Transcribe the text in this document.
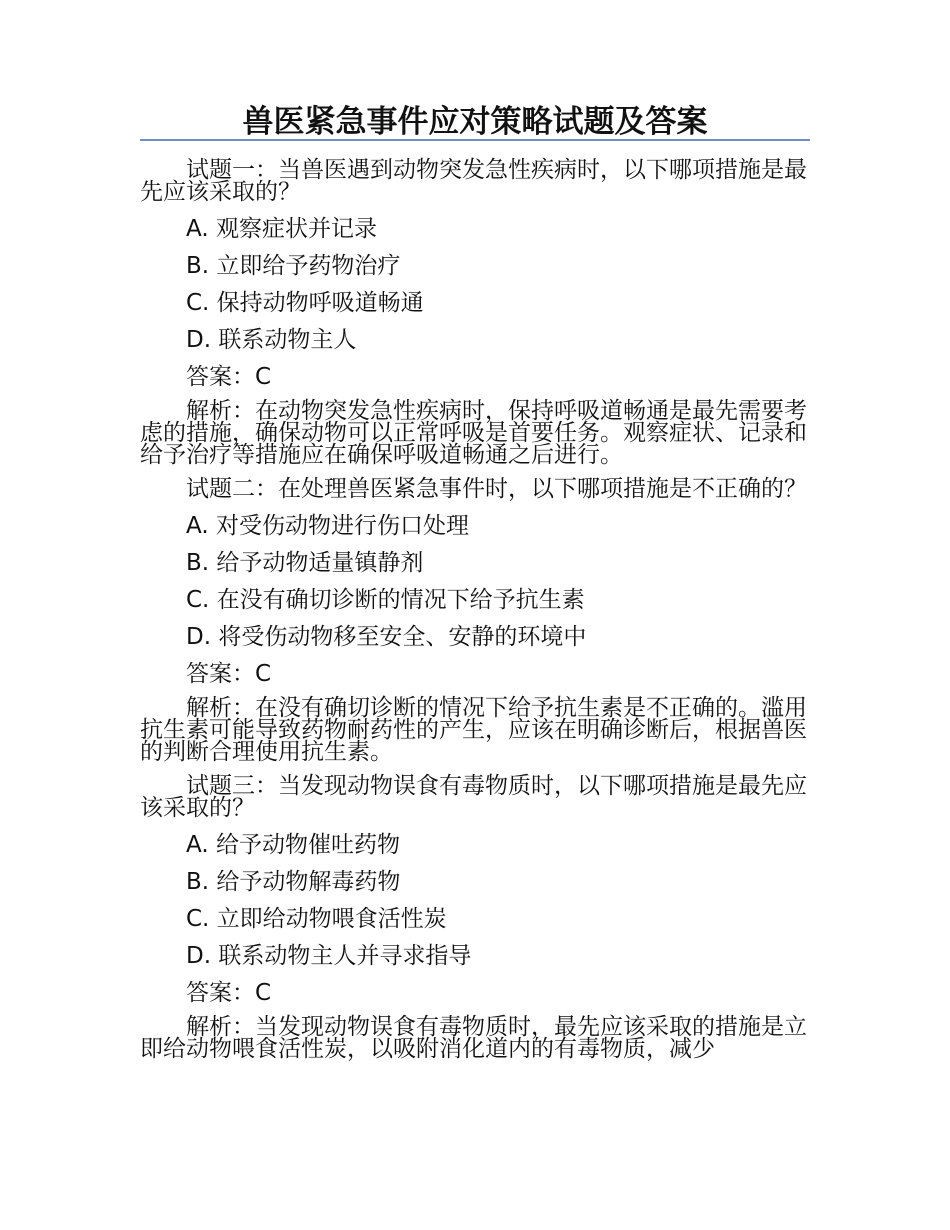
兽医紧急事件应对策略试题及答案

试题一：当兽医遇到动物突发急性疾病时，以下哪项措施是最先应该采取的？

A. 观察症状并记录
B. 立即给予药物治疗
C. 保持动物呼吸道畅通
D. 联系动物主人
答案：C

解析：在动物突发急性疾病时，保持呼吸道畅通是最先需要考虑的措施，确保动物可以正常呼吸是首要任务。观察症状、记录和给予治疗等措施应在确保呼吸道畅通之后进行。

试题二：在处理兽医紧急事件时，以下哪项措施是不正确的？

A. 对受伤动物进行伤口处理
B. 给予动物适量镇静剂
C. 在没有确切诊断的情况下给予抗生素
D. 将受伤动物移至安全、安静的环境中
答案：C

解析：在没有确切诊断的情况下给予抗生素是不正确的。滥用抗生素可能导致药物耐药性的产生，应该在明确诊断后，根据兽医的判断合理使用抗生素。

试题三：当发现动物误食有毒物质时，以下哪项措施是最先应该采取的？

A. 给予动物催吐药物
B. 给予动物解毒药物
C. 立即给动物喂食活性炭
D. 联系动物主人并寻求指导
答案：C

解析：当发现动物误食有毒物质时，最先应该采取的措施是立即给动物喂食活性炭，以吸附消化道内的有毒物质，减少
